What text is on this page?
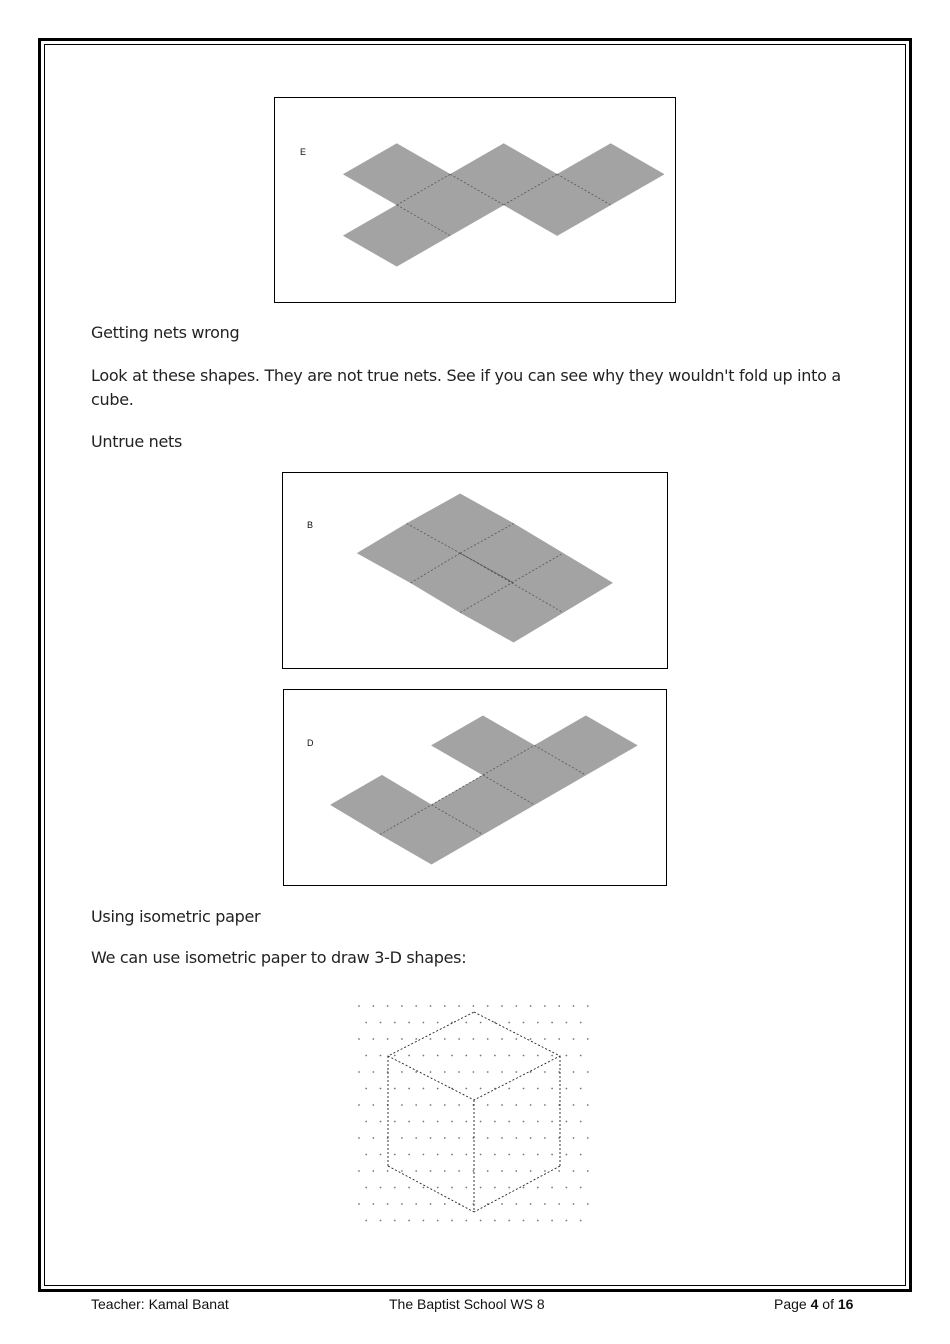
E
Getting nets wrong
Look at these shapes. They are not true nets. See if you can see why they wouldn't fold up into a cube.
Untrue nets
B
D
Using isometric paper
We can use isometric paper to draw 3-D shapes:
Teacher: Kamal Banat	The Baptist School WS 8	Page 4 of 16
